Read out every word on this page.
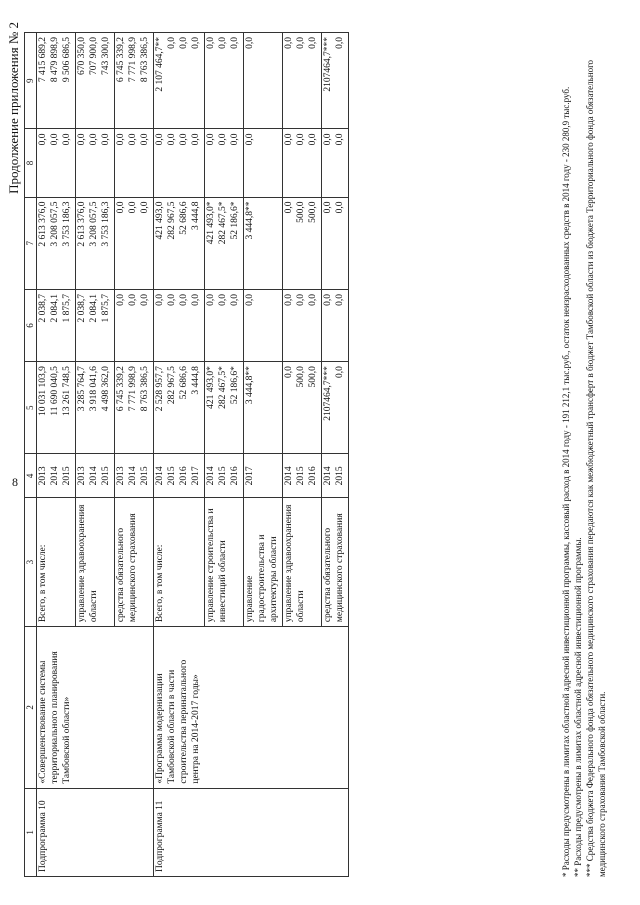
8
Продолжение приложения № 2
1	2	3	4	5	6	7	8	9
Подпрограмма 10	«Совершенствование системы территориального планирования Тамбовской области»	Всего, в том числе:	2013 2014 2015	10 031 103,9 11 690 040,5 13 261 748,5	2 038,7 2 084,1 1 875,7	2 613 376,0 3 208 057,5 3 753 186,3	0,0 0,0 0,0	7 415 689,2 8 479 898,9 9 506 686,5

		управление здравоохранения области	2013 2014 2015	3 285 764,7 3 918 041,6 4 498 362,0	2 038,7 2 084,1 1 875,7	2 613 376,0 3 208 057,5 3 753 186,3	0,0 0,0 0,0	670 350,0 707 900,0 743 300,0

		средства обязательного медицинского страхования	2013 2014 2015	6 745 339,2 7 771 998,9 8 763 386,5	0,0 0,0 0,0	0,0 0,0 0,0	0,0 0,0 0,0	6 745 339,2 7 771 998,9 8 763 386,5

Подпрограмма 11	«Программа модернизации Тамбовской области в части строительства перинатального центра на 2014-2017 годы»	Всего, в том числе:	2014 2015 2016 2017	2 528 957,7 282 967,5 52 686,6 3 444,8	0,0 0,0 0,0 0,0	421 493,0 282 967,5 52 686,6 3 444,8	0,0 0,0 0,0 0,0	2 107 464,7** 0,0 0,0 0,0

		управление строительства и инвестиций области	2014 2015 2016	421 493,0* 282 467,5* 52 186,6*	0,0 0,0 0,0	421 493,0* 282 467,5* 52 186,6*	0,0 0,0 0,0	0,0 0,0 0,0

		управление градостроительства и архитектуры области	2017	3 444,8**	0,0	3 444,8**	0,0	0,0

		управление здравоохранения области	2014 2015 2016	0,0 500,0 500,0	0,0 0,0 0,0	0,0 500,0 500,0	0,0 0,0 0,0	0,0 0,0 0,0

		средства обязательного медицинского страхования	2014 2015	2107464,7*** 0,0	0,0 0,0	0,0 0,0	0,0 0,0	2107464,7*** 0,0

* Расходы предусмотрены в лимитах областной адресной инвестиционной программы, кассовый расход в 2014 году - 191 212,1 тыс.руб., остаток неизрасходованных средств в 2014 году - 230 280,9 тыс.руб. ** Расходы предусмотрены в лимитах областной адресной инвестиционной программы. *** Средства бюджета Федерального фонда обязательного медицинского страхования передаются как межбюджетный трансферт в бюджет Тамбовской области из бюджета Территориального фонда обязательного медицинского страхования Тамбовской области.
